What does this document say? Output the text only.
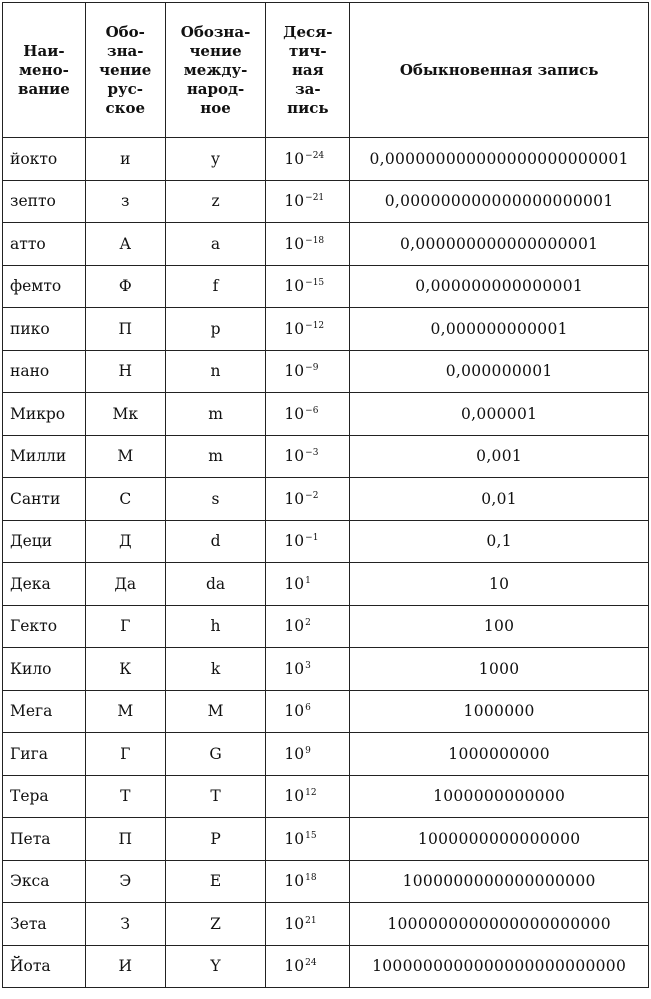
Наи-
мено-
вание	Обо-
зна-
чение
рус-
ское	Обозна-
чение
между-
народ-
ное	Деся-
тич-
ная
за-
пись	Обыкновенная запись
йокто	и	y	$10^{-24}$	0,000000000000000000000001
зепто	з	z	$10^{-21}$	0,000000000000000000001
атто	А	a	$10^{-18}$	0,000000000000000001
фемто	Ф	f	$10^{-15}$	0,000000000000001
пико	П	p	$10^{-12}$	0,000000000001
нано	Н	n	$10^{-9}$	0,000000001
Микро	Мк	m	$10^{-6}$	0,000001
Милли	М	m	$10^{-3}$	0,001
Санти	С	s	$10^{-2}$	0,01
Деци	Д	d	$10^{-1}$	0,1
Дека	Да	da	$10^1$	10
Гекто	Г	h	$10^2$	100
Кило	К	k	$10^3$	1000
Мега	М	M	$10^6$	1000000
Гига	Г	G	$10^9$	1000000000
Тера	Т	T	$10^{12}$	1000000000000
Пета	П	P	$10^{15}$	1000000000000000
Экса	Э	E	$10^{18}$	1000000000000000000
Зета	З	Z	$10^{21}$	1000000000000000000000
Йота	И	Y	$10^{24}$	1000000000000000000000000
